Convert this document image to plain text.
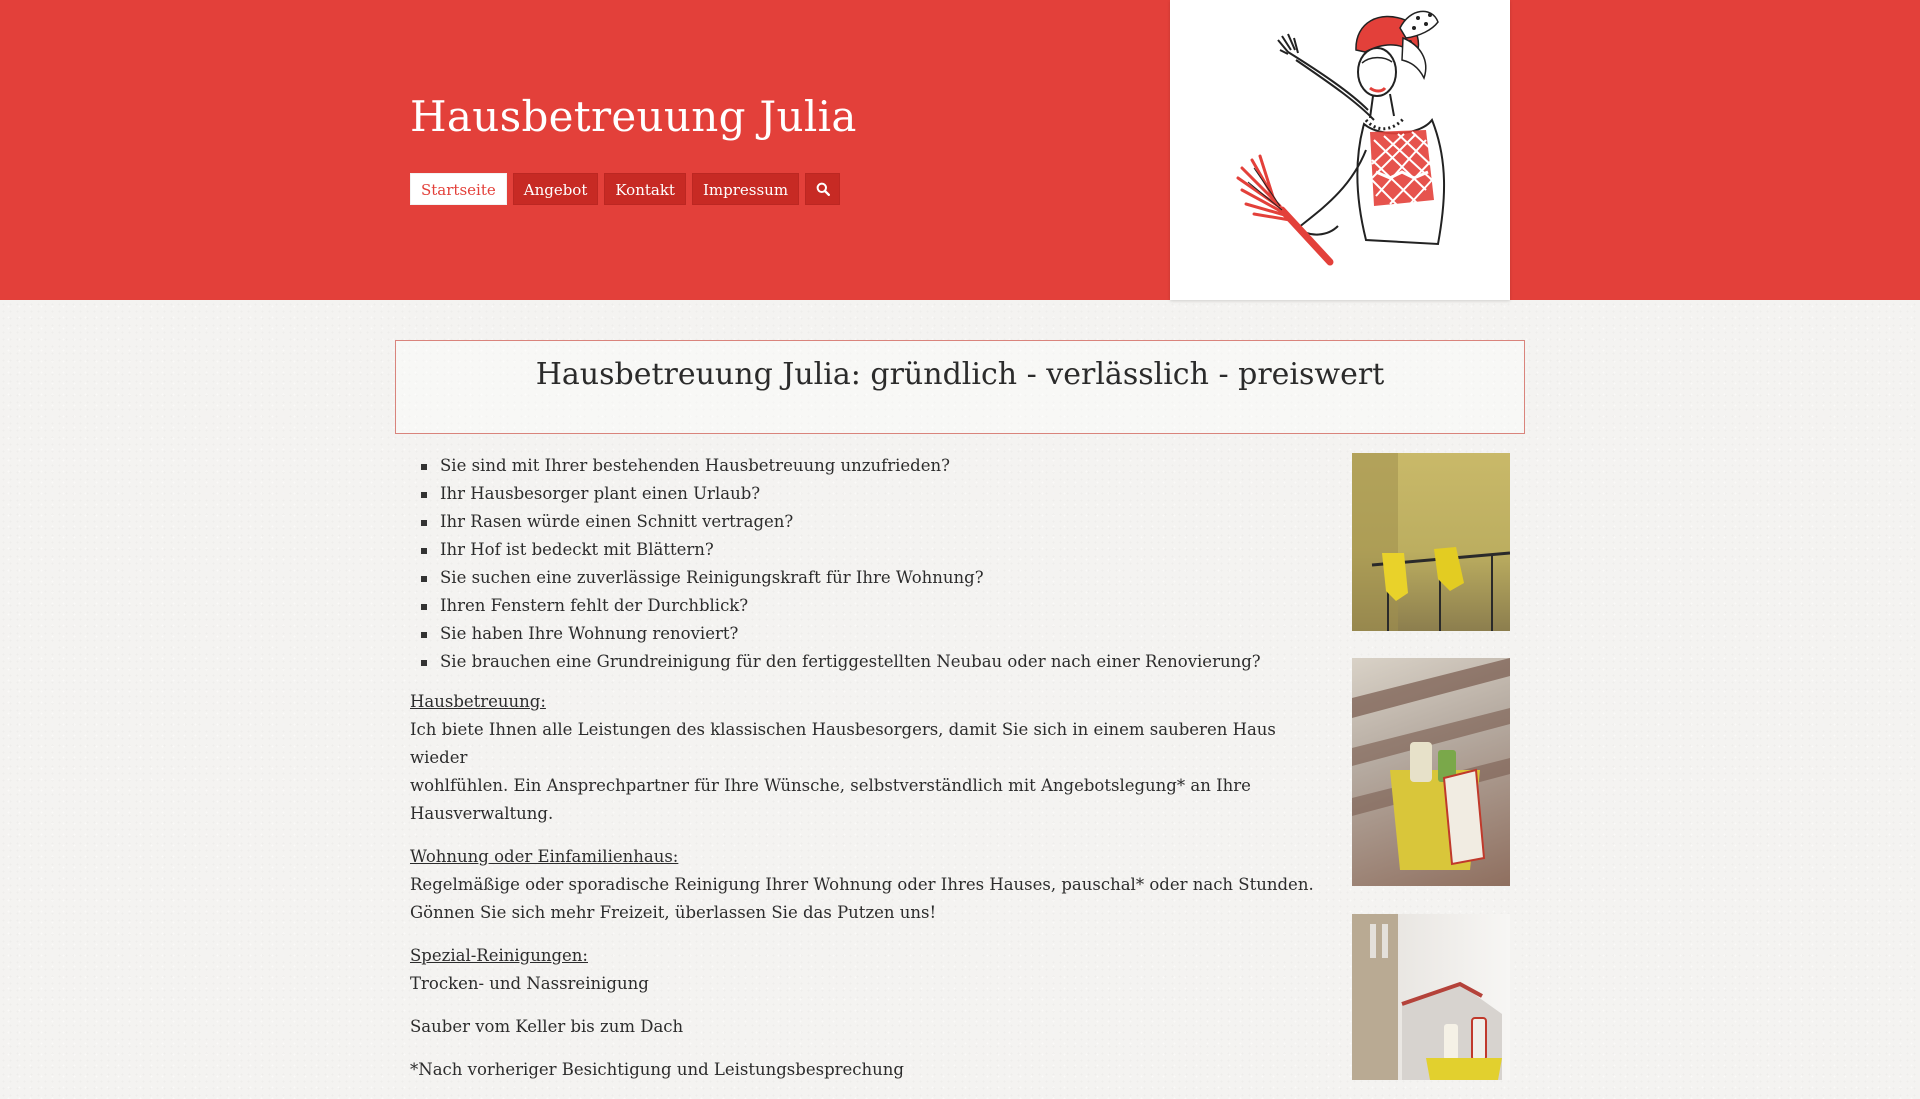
Hausbetreuung Julia
Startseite	Angebot	Kontakt	Impressum
Hausbetreuung Julia: gründlich - verlässlich - preiswert
Sie sind mit Ihrer bestehenden Hausbetreuung unzufrieden?
Ihr Hausbesorger plant einen Urlaub?
Ihr Rasen würde einen Schnitt vertragen?
Ihr Hof ist bedeckt mit Blättern?
Sie suchen eine zuverlässige Reinigungskraft für Ihre Wohnung?
Ihren Fenstern fehlt der Durchblick?
Sie haben Ihre Wohnung renoviert?
Sie brauchen eine Grundreinigung für den fertiggestellten Neubau oder nach einer Renovierung?

Hausbetreuung:
Ich biete Ihnen alle Leistungen des klassischen Hausbesorgers, damit Sie sich in einem sauberen Haus wieder
wohlfühlen. Ein Ansprechpartner für Ihre Wünsche, selbstverständlich mit Angebotslegung* an Ihre Hausverwaltung.

Wohnung oder Einfamilienhaus:
Regelmäßige oder sporadische Reinigung Ihrer Wohnung oder Ihres Hauses, pauschal* oder nach Stunden.
Gönnen Sie sich mehr Freizeit, überlassen Sie das Putzen uns!

Spezial-Reinigungen:
Trocken- und Nassreinigung

Sauber vom Keller bis zum Dach

*Nach vorheriger Besichtigung und Leistungsbesprechung
